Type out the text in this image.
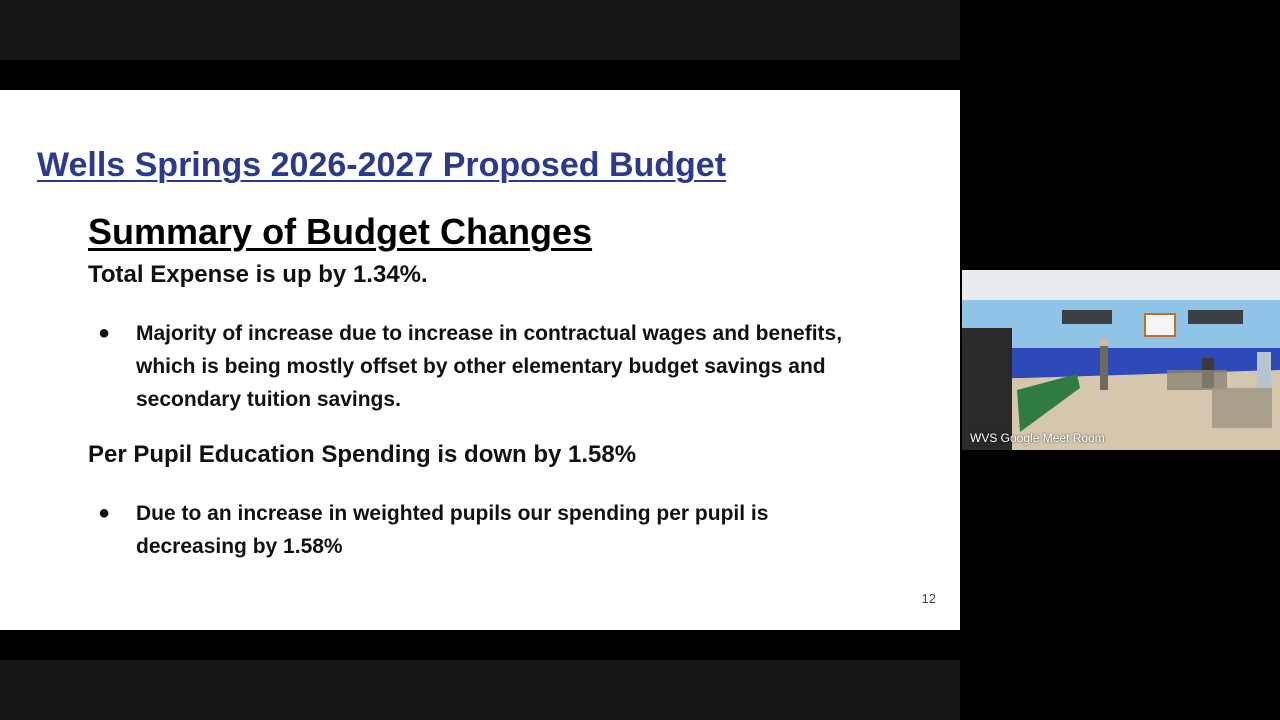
Wells Springs 2026-2027 Proposed Budget
Summary of Budget Changes

Total Expense is up by 1.34%.

● Majority of increase due to increase in contractual wages and benefits, which is being mostly offset by other elementary budget savings and secondary tuition savings.

Per Pupil Education Spending is down by 1.58%

● Due to an increase in weighted pupils our spending per pupil is decreasing by 1.58%

12
WVS Google Meet Room
